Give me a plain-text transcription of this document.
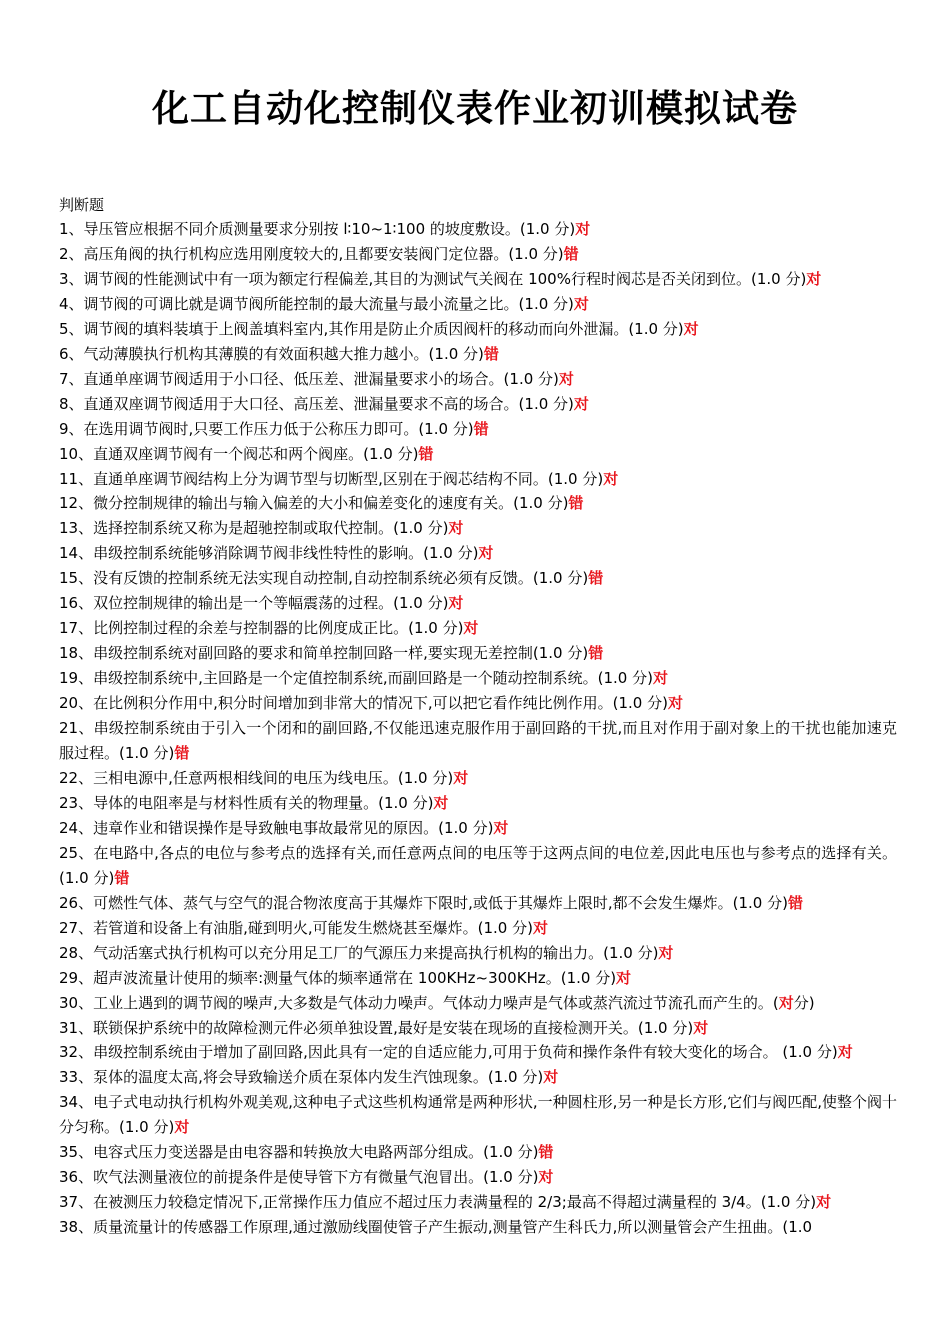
化工自动化控制仪表作业初训模拟试卷
判断题

1、导压管应根据不同介质测量要求分别按 l∶10~1∶100 的坡度敷设。(1.0 分)对

2、高压角阀的执行机构应选用刚度较大的,且都要安装阀门定位器。(1.0 分)错

3、调节阀的性能测试中有一项为额定行程偏差,其目的为测试气关阀在 100%行程时阀芯是否关闭到位。(1.0 分)对

4、调节阀的可调比就是调节阀所能控制的最大流量与最小流量之比。(1.0 分)对

5、调节阀的填料装填于上阀盖填料室内,其作用是防止介质因阀杆的移动而向外泄漏。(1.0 分)对

6、气动薄膜执行机构其薄膜的有效面积越大推力越小。(1.0 分)错

7、直通单座调节阀适用于小口径、低压差、泄漏量要求小的场合。(1.0 分)对

8、直通双座调节阀适用于大口径、高压差、泄漏量要求不高的场合。(1.0 分)对

9、在选用调节阀时,只要工作压力低于公称压力即可。(1.0 分)错

10、直通双座调节阀有一个阀芯和两个阀座。(1.0 分)错

11、直通单座调节阀结构上分为调节型与切断型,区别在于阀芯结构不同。(1.0 分)对

12、微分控制规律的输出与输入偏差的大小和偏差变化的速度有关。(1.0 分)错

13、选择控制系统又称为是超驰控制或取代控制。(1.0 分)对

14、串级控制系统能够消除调节阀非线性特性的影响。(1.0 分)对

15、没有反馈的控制系统无法实现自动控制,自动控制系统必须有反馈。(1.0 分)错

16、双位控制规律的输出是一个等幅震荡的过程。(1.0 分)对

17、比例控制过程的余差与控制器的比例度成正比。(1.0 分)对

18、串级控制系统对副回路的要求和简单控制回路一样,要实现无差控制(1.0 分)错

19、串级控制系统中,主回路是一个定值控制系统,而副回路是一个随动控制系统。(1.0 分)对

20、在比例积分作用中,积分时间增加到非常大的情况下,可以把它看作纯比例作用。(1.0 分)对

21、串级控制系统由于引入一个闭和的副回路,不仅能迅速克服作用于副回路的干扰,而且对作用于副对象上的干扰也能加速克服过程。(1.0 分)错

22、三相电源中,任意两根相线间的电压为线电压。(1.0 分)对

23、导体的电阻率是与材料性质有关的物理量。(1.0 分)对

24、违章作业和错误操作是导致触电事故最常见的原因。(1.0 分)对

25、在电路中,各点的电位与参考点的选择有关,而任意两点间的电压等于这两点间的电位差,因此电压也与参考点的选择有关。(1.0 分)错

26、可燃性气体、蒸气与空气的混合物浓度高于其爆炸下限时,或低于其爆炸上限时,都不会发生爆炸。(1.0 分)错

27、若管道和设备上有油脂,碰到明火,可能发生燃烧甚至爆炸。(1.0 分)对

28、气动活塞式执行机构可以充分用足工厂的气源压力来提高执行机构的输出力。(1.0 分)对

29、超声波流量计使用的频率:测量气体的频率通常在 100KHz~300KHz。(1.0 分)对

30、工业上遇到的调节阀的噪声,大多数是气体动力噪声。气体动力噪声是气体或蒸汽流过节流孔而产生的。(对分)

31、联锁保护系统中的故障检测元件必须单独设置,最好是安装在现场的直接检测开关。(1.0 分)对

32、串级控制系统由于增加了副回路,因此具有一定的自适应能力,可用于负荷和操作条件有较大变化的场合。 (1.0 分)对

33、泵体的温度太高,将会导致输送介质在泵体内发生汽蚀现象。(1.0 分)对

34、电子式电动执行机构外观美观,这种电子式这些机构通常是两种形状,一种圆柱形,另一种是长方形,它们与阀匹配,使整个阀十分匀称。(1.0 分)对

35、电容式压力变送器是由电容器和转换放大电路两部分组成。(1.0 分)错

36、吹气法测量液位的前提条件是使导管下方有微量气泡冒出。(1.0 分)对

37、在被测压力较稳定情况下,正常操作压力值应不超过压力表满量程的 2/3;最高不得超过满量程的 3/4。(1.0 分)对

38、质量流量计的传感器工作原理,通过激励线圈使管子产生振动,测量管产生科氏力,所以测量管会产生扭曲。(1.0
